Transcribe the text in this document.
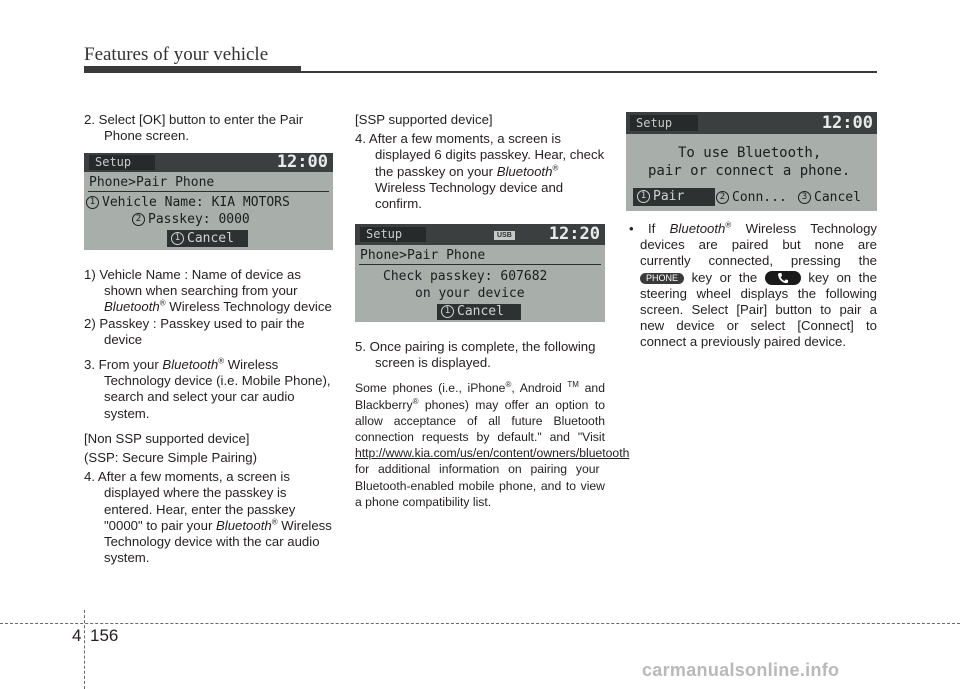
Features of your vehicle

2. Select [OK] button to enter the Pair Phone screen.

Setup	12:00
Phone>Pair Phone
1 Vehicle Name: KIA MOTORS
2 Passkey: 0000
1 Cancel

1) Vehicle Name : Name of device as shown when searching from your Bluetooth® Wireless Technology device

2) Passkey : Passkey used to pair the device

3. From your Bluetooth® Wireless Technology device (i.e. Mobile Phone), search and select your car audio system.

[Non SSP supported device]

(SSP: Secure Simple Pairing)

4. After a few moments, a screen is displayed where the passkey is entered. Hear, enter the passkey "0000" to pair your Bluetooth® Wireless Technology device with the car audio system.

[SSP supported device]

4. After a few moments, a screen is displayed 6 digits passkey. Hear, check the passkey on your Bluetooth® Wireless Technology device and confirm.

Setup	USB 12:20
Phone>Pair Phone
Check passkey: 607682
on your device
1 Cancel

5. Once pairing is complete, the following screen is displayed.

Some phones (i.e., iPhone®, Android ™ and Blackberry® phones) may offer an option to allow acceptance of all future Bluetooth connection requests by default." and "Visit http://www.kia.com/us/en/content/owners/bluetooth for additional information on pairing your Bluetooth-enabled mobile phone, and to view a phone compatibility list.

Setup	12:00
To use Bluetooth,
pair or connect a phone.
1 Pair	2 Conn...	3 Cancel

• If Bluetooth® Wireless Technology devices are paired but none are currently connected, pressing the PHONE key or the	key on the steering wheel displays the following screen. Select [Pair] button to pair a new device or select [Connect] to connect a previously paired device.

4 156
carmanualsonline.info
